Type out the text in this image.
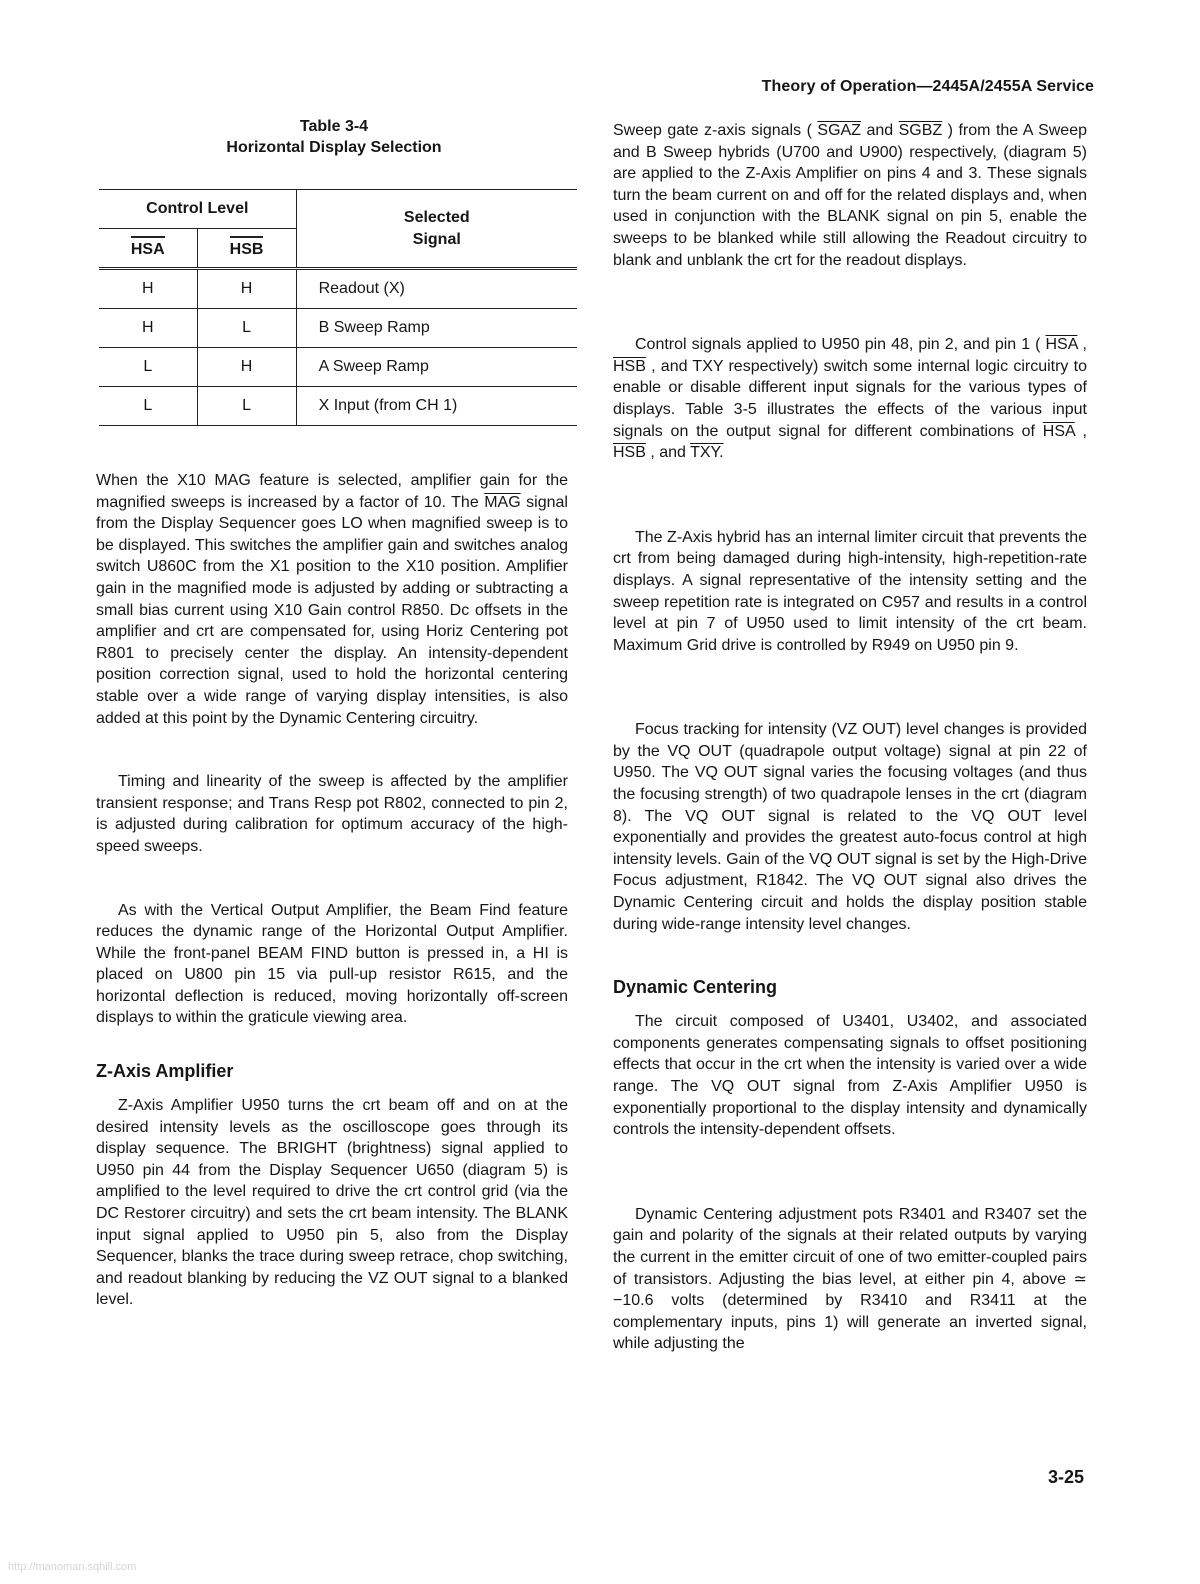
Theory of Operation—2445A/2455A Service
Table 3-4
Horizontal Display Selection
Control Level		Selected
Signal
HSA	HSB	
H	H	Readout (X)
H	L	B Sweep Ramp
L	H	A Sweep Ramp
L	L	X Input (from CH 1)

When the X10 MAG feature is selected, amplifier gain for the magnified sweeps is increased by a factor of 10. The $\overline{MAG}$ signal from the Display Sequencer goes LO when magnified sweep is to be displayed. This switches the amplifier gain and switches analog switch U860C from the X1 position to the X10 position. Amplifier gain in the magnified mode is adjusted by adding or subtracting a small bias current using X10 Gain control R850. Dc offsets in the amplifier and crt are compensated for, using Horiz Centering pot R801 to precisely center the display. An intensity-dependent position correction signal, used to hold the horizontal centering stable over a wide range of varying display intensities, is also added at this point by the Dynamic Centering circuitry.

Timing and linearity of the sweep is affected by the amplifier transient response; and Trans Resp pot R802, connected to pin 2, is adjusted during calibration for optimum accuracy of the high-speed sweeps.

As with the Vertical Output Amplifier, the Beam Find feature reduces the dynamic range of the Horizontal Output Amplifier. While the front-panel BEAM FIND button is pressed in, a HI is placed on U800 pin 15 via pull-up resistor R615, and the horizontal deflection is reduced, moving horizontally off-screen displays to within the graticule viewing area.

Z-Axis Amplifier

Z-Axis Amplifier U950 turns the crt beam off and on at the desired intensity levels as the oscilloscope goes through its display sequence. The BRIGHT (brightness) signal applied to U950 pin 44 from the Display Sequencer U650 (diagram 5) is amplified to the level required to drive the crt control grid (via the DC Restorer circuitry) and sets the crt beam intensity. The BLANK input signal applied to U950 pin 5, also from the Display Sequencer, blanks the trace during sweep retrace, chop switching, and readout blanking by reducing the VZ OUT signal to a blanked level.

Sweep gate z-axis signals ( SGAZ and SGBZ ) from the A Sweep and B Sweep hybrids (U700 and U900) respectively, (diagram 5) are applied to the Z-Axis Amplifier on pins 4 and 3. These signals turn the beam current on and off for the related displays and, when used in conjunction with the BLANK signal on pin 5, enable the sweeps to be blanked while still allowing the Readout circuitry to blank and unblank the crt for the readout displays.

Control signals applied to U950 pin 48, pin 2, and pin 1 ( $\overline{HSA}$ , $\overline{HSB}$ , and TXY respectively) switch some internal logic circuitry to enable or disable different input signals for the various types of displays. Table 3-5 illustrates the effects of the various input signals on the output signal for different combinations of $\overline{HSA}$ , $\overline{HSB}$ , and TXY.

The Z-Axis hybrid has an internal limiter circuit that prevents the crt from being damaged during high-intensity, high-repetition-rate displays. A signal representative of the intensity setting and the sweep repetition rate is integrated on C957 and results in a control level at pin 7 of U950 used to limit intensity of the crt beam. Maximum Grid drive is controlled by R949 on U950 pin 9.

Focus tracking for intensity (VZ OUT) level changes is provided by the VQ OUT (quadrapole output voltage) signal at pin 22 of U950. The VQ OUT signal varies the focusing voltages (and thus the focusing strength) of two quadrapole lenses in the crt (diagram 8). The VQ OUT signal is related to the VQ OUT level exponentially and provides the greatest auto-focus control at high intensity levels. Gain of the VQ OUT signal is set by the High-Drive Focus adjustment, R1842. The VQ OUT signal also drives the Dynamic Centering circuit and holds the display position stable during wide-range intensity level changes.

Dynamic Centering

The circuit composed of U3401, U3402, and associated components generates compensating signals to offset positioning effects that occur in the crt when the intensity is varied over a wide range. The VQ OUT signal from Z-Axis Amplifier U950 is exponentially proportional to the display intensity and dynamically controls the intensity-dependent offsets.

Dynamic Centering adjustment pots R3401 and R3407 set the gain and polarity of the signals at their related outputs by varying the current in the emitter circuit of one of two emitter-coupled pairs of transistors. Adjusting the bias level, at either pin 4, above ≃ −10.6 volts (determined by R3410 and R3411 at the complementary inputs, pins 1) will generate an inverted signal, while adjusting the

3-25
http://manoman.sqhill.com
